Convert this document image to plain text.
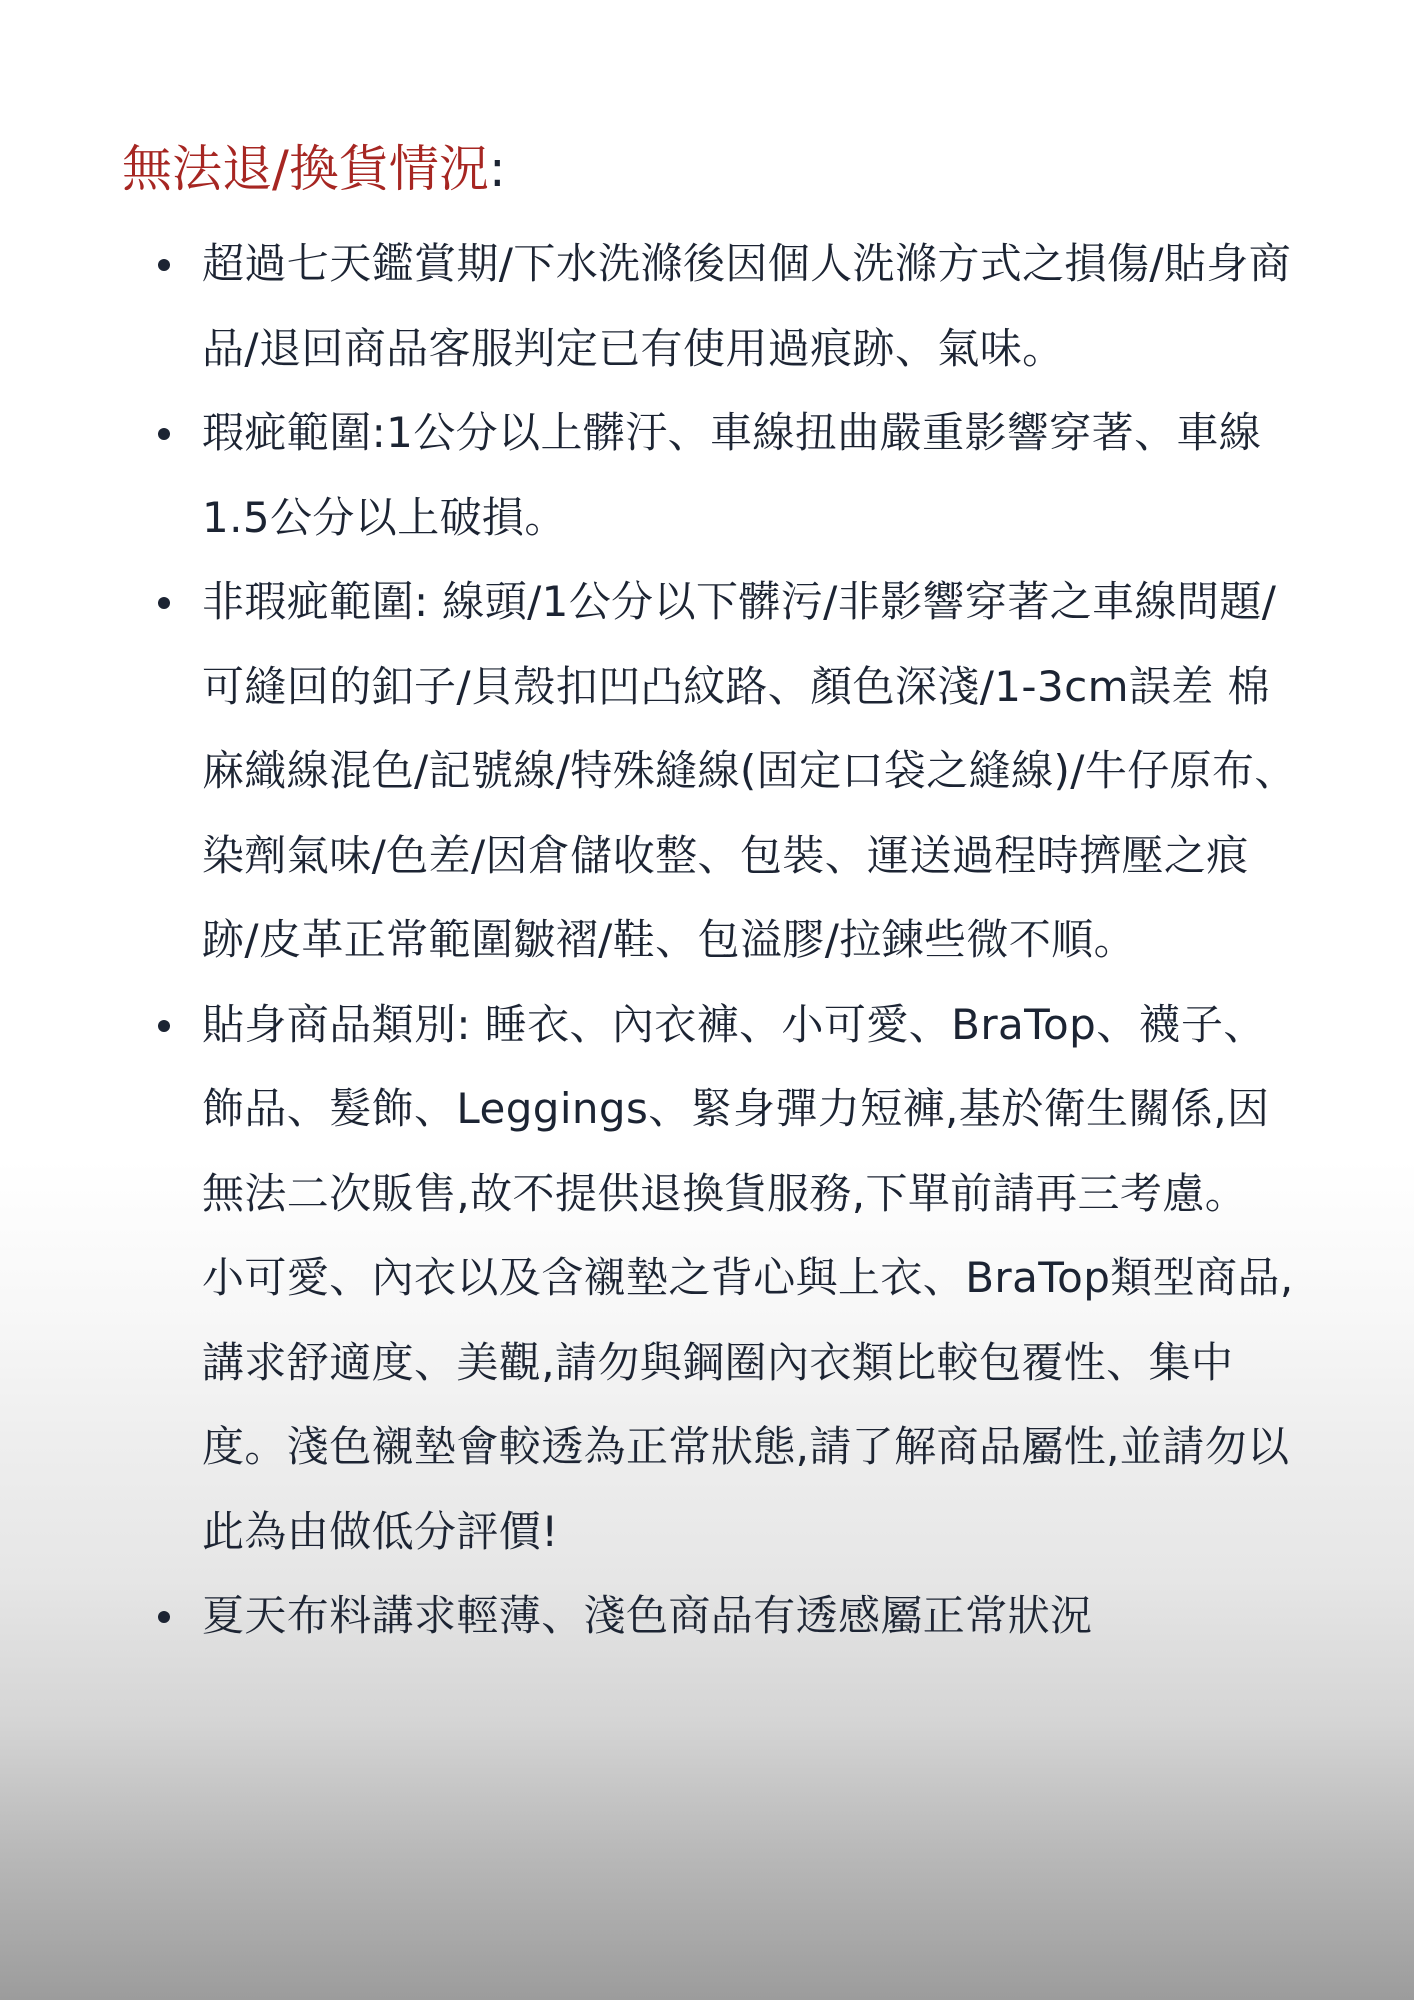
無法退/換貨情況:
超過七天鑑賞期/下水洗滌後因個人洗滌方式之損傷/貼身商品/退回商品客服判定已有使用過痕跡、氣味。
瑕疵範圍:1公分以上髒汙、車線扭曲嚴重影響穿著、車線1.5公分以上破損。
非瑕疵範圍: 線頭/1公分以下髒污/非影響穿著之車線問題/可縫回的釦子/貝殼扣凹凸紋路、顏色深淺/1-3cm誤差 棉麻織線混色/記號線/特殊縫線(固定口袋之縫線)/牛仔原布、染劑氣味/色差/因倉儲收整、包裝、運送過程時擠壓之痕跡/皮革正常範圍皺褶/鞋、包溢膠/拉鍊些微不順。
貼身商品類別: 睡衣、內衣褲、小可愛、BraTop、襪子、飾品、髮飾、Leggings、緊身彈力短褲,基於衛生關係,因無法二次販售,故不提供退換貨服務,下單前請再三考慮。 小可愛、內衣以及含襯墊之背心與上衣、BraTop類型商品,講求舒適度、美觀,請勿與鋼圈內衣類比較包覆性、集中度。淺色襯墊會較透為正常狀態,請了解商品屬性,並請勿以此為由做低分評價!
夏天布料講求輕薄、淺色商品有透感屬正常狀況
